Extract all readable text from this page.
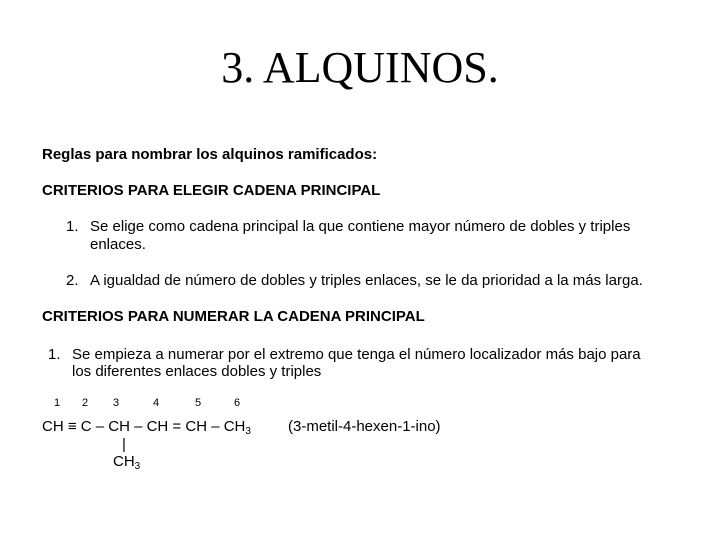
3. ALQUINOS.
Reglas para nombrar los alquinos ramificados:
CRITERIOS PARA ELEGIR CADENA PRINCIPAL
1. Se elige como cadena principal la que contiene mayor número de dobles y triples
enlaces.
2. A igualdad de número de dobles y triples enlaces, se le da prioridad a la más larga.
CRITERIOS PARA NUMERAR LA CADENA PRINCIPAL
1. Se empieza a numerar por el extremo que tenga el número localizador más bajo para
los diferentes enlaces dobles y triples
1 2 3	4	5	6
CH ≡ C – CH – CH = CH – $CH_3$ (3-metil-4-hexen-1-ino)
|
$CH_3$
